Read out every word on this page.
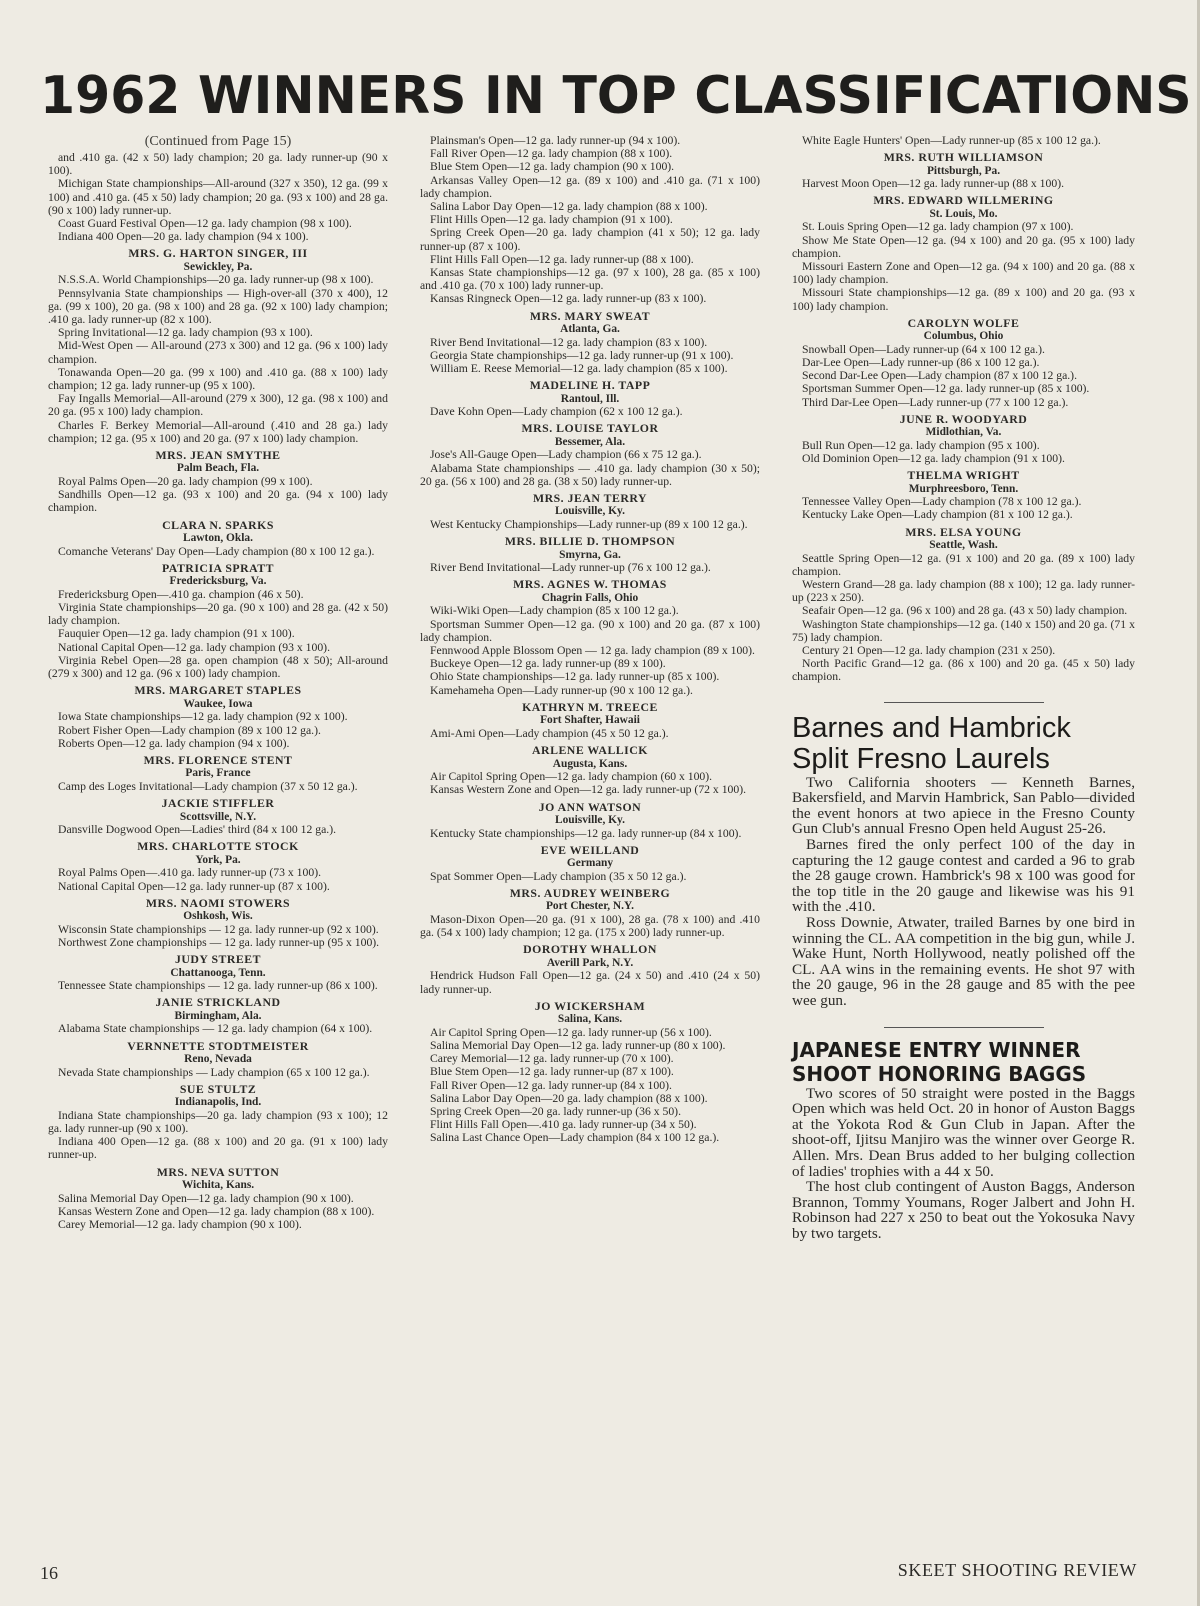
1962 WINNERS IN TOP CLASSIFICATIONS
(Continued from Page 15)
and .410 ga. (42 x 50) lady champion; 20 ga. lady runner-up (90 x 100).
Michigan State championships—All-around (327 x 350), 12 ga. (99 x 100) and .410 ga. (45 x 50) lady champion; 20 ga. (93 x 100) and 28 ga. (90 x 100) lady runner-up.
Coast Guard Festival Open—12 ga. lady champion (98 x 100).
Indiana 400 Open—20 ga. lady champion (94 x 100).
MRS. G. HARTON SINGER, III
Sewickley, Pa.
N.S.S.A. World Championships—20 ga. lady runner-up (98 x 100).
Pennsylvania State championships — High-over-all (370 x 400), 12 ga. (99 x 100), 20 ga. (98 x 100) and 28 ga. (92 x 100) lady champion; .410 ga. lady runner-up (82 x 100).
Spring Invitational—12 ga. lady champion (93 x 100).
Mid-West Open — All-around (273 x 300) and 12 ga. (96 x 100) lady champion.
Tonawanda Open—20 ga. (99 x 100) and .410 ga. (88 x 100) lady champion; 12 ga. lady runner-up (95 x 100).
Fay Ingalls Memorial—All-around (279 x 300), 12 ga. (98 x 100) and 20 ga. (95 x 100) lady champion.
Charles F. Berkey Memorial—All-around (.410 and 28 ga.) lady champion; 12 ga. (95 x 100) and 20 ga. (97 x 100) lady champion.
MRS. JEAN SMYTHE
Palm Beach, Fla.
Royal Palms Open—20 ga. lady champion (99 x 100).
Sandhills Open—12 ga. (93 x 100) and 20 ga. (94 x 100) lady champion.
CLARA N. SPARKS
Lawton, Okla.
Comanche Veterans' Day Open—Lady champion (80 x 100 12 ga.).
PATRICIA SPRATT
Fredericksburg, Va.
Fredericksburg Open—.410 ga. champion (46 x 50).
Virginia State championships—20 ga. (90 x 100) and 28 ga. (42 x 50) lady champion.
Fauquier Open—12 ga. lady champion (91 x 100).
National Capital Open—12 ga. lady champion (93 x 100).
Virginia Rebel Open—28 ga. open champion (48 x 50); All-around (279 x 300) and 12 ga. (96 x 100) lady champion.
MRS. MARGARET STAPLES
Waukee, Iowa
Iowa State championships—12 ga. lady champion (92 x 100).
Robert Fisher Open—Lady champion (89 x 100 12 ga.).
Roberts Open—12 ga. lady champion (94 x 100).
MRS. FLORENCE STENT
Paris, France
Camp des Loges Invitational—Lady champion (37 x 50 12 ga.).
JACKIE STIFFLER
Scottsville, N.Y.
Dansville Dogwood Open—Ladies' third (84 x 100 12 ga.).
MRS. CHARLOTTE STOCK
York, Pa.
Royal Palms Open—.410 ga. lady runner-up (73 x 100).
National Capital Open—12 ga. lady runner-up (87 x 100).
MRS. NAOMI STOWERS
Oshkosh, Wis.
Wisconsin State championships — 12 ga. lady runner-up (92 x 100).
Northwest Zone championships — 12 ga. lady runner-up (95 x 100).
JUDY STREET
Chattanooga, Tenn.
Tennessee State championships — 12 ga. lady runner-up (86 x 100).
JANIE STRICKLAND
Birmingham, Ala.
Alabama State championships — 12 ga. lady champion (64 x 100).
VERNNETTE STODTMEISTER
Reno, Nevada
Nevada State championships — Lady champion (65 x 100 12 ga.).
SUE STULTZ
Indianapolis, Ind.
Indiana State championships—20 ga. lady champion (93 x 100); 12 ga. lady runner-up (90 x 100).
Indiana 400 Open—12 ga. (88 x 100) and 20 ga. (91 x 100) lady runner-up.
MRS. NEVA SUTTON
Wichita, Kans.
Salina Memorial Day Open—12 ga. lady champion (90 x 100).
Kansas Western Zone and Open—12 ga. lady champion (88 x 100).
Carey Memorial—12 ga. lady champion (90 x 100).
Plainsman's Open—12 ga. lady runner-up (94 x 100).
Fall River Open—12 ga. lady champion (88 x 100).
Blue Stem Open—12 ga. lady champion (90 x 100).
Arkansas Valley Open—12 ga. (89 x 100) and .410 ga. (71 x 100) lady champion.
Salina Labor Day Open—12 ga. lady champion (88 x 100).
Flint Hills Open—12 ga. lady champion (91 x 100).
Spring Creek Open—20 ga. lady champion (41 x 50); 12 ga. lady runner-up (87 x 100).
Flint Hills Fall Open—12 ga. lady runner-up (88 x 100).
Kansas State championships—12 ga. (97 x 100), 28 ga. (85 x 100) and .410 ga. (70 x 100) lady runner-up.
Kansas Ringneck Open—12 ga. lady runner-up (83 x 100).
MRS. MARY SWEAT
Atlanta, Ga.
River Bend Invitational—12 ga. lady champion (83 x 100).
Georgia State championships—12 ga. lady runner-up (91 x 100).
William E. Reese Memorial—12 ga. lady champion (85 x 100).
MADELINE H. TAPP
Rantoul, Ill.
Dave Kohn Open—Lady champion (62 x 100 12 ga.).
MRS. LOUISE TAYLOR
Bessemer, Ala.
Jose's All-Gauge Open—Lady champion (66 x 75 12 ga.).
Alabama State championships — .410 ga. lady champion (30 x 50); 20 ga. (56 x 100) and 28 ga. (38 x 50) lady runner-up.
MRS. JEAN TERRY
Louisville, Ky.
West Kentucky Championships—Lady runner-up (89 x 100 12 ga.).
MRS. BILLIE D. THOMPSON
Smyrna, Ga.
River Bend Invitational—Lady runner-up (76 x 100 12 ga.).
MRS. AGNES W. THOMAS
Chagrin Falls, Ohio
Wiki-Wiki Open—Lady champion (85 x 100 12 ga.).
Sportsman Summer Open—12 ga. (90 x 100) and 20 ga. (87 x 100) lady champion.
Fennwood Apple Blossom Open — 12 ga. lady champion (89 x 100).
Buckeye Open—12 ga. lady runner-up (89 x 100).
Ohio State championships—12 ga. lady runner-up (85 x 100).
Kamehameha Open—Lady runner-up (90 x 100 12 ga.).
KATHRYN M. TREECE
Fort Shafter, Hawaii
Ami-Ami Open—Lady champion (45 x 50 12 ga.).
ARLENE WALLICK
Augusta, Kans.
Air Capitol Spring Open—12 ga. lady champion (60 x 100).
Kansas Western Zone and Open—12 ga. lady runner-up (72 x 100).
JO ANN WATSON
Louisville, Ky.
Kentucky State championships—12 ga. lady runner-up (84 x 100).
EVE WEILLAND
Germany
Spat Sommer Open—Lady champion (35 x 50 12 ga.).
MRS. AUDREY WEINBERG
Port Chester, N.Y.
Mason-Dixon Open—20 ga. (91 x 100), 28 ga. (78 x 100) and .410 ga. (54 x 100) lady champion; 12 ga. (175 x 200) lady runner-up.
DOROTHY WHALLON
Averill Park, N.Y.
Hendrick Hudson Fall Open—12 ga. (24 x 50) and .410 (24 x 50) lady runner-up.
JO WICKERSHAM
Salina, Kans.
Air Capitol Spring Open—12 ga. lady runner-up (56 x 100).
Salina Memorial Day Open—12 ga. lady runner-up (80 x 100).
Carey Memorial—12 ga. lady runner-up (70 x 100).
Blue Stem Open—12 ga. lady runner-up (87 x 100).
Fall River Open—12 ga. lady runner-up (84 x 100).
Salina Labor Day Open—20 ga. lady champion (88 x 100).
Spring Creek Open—20 ga. lady runner-up (36 x 50).
Flint Hills Fall Open—.410 ga. lady runner-up (34 x 50).
Salina Last Chance Open—Lady champion (84 x 100 12 ga.).
White Eagle Hunters' Open—Lady runner-up (85 x 100 12 ga.).
MRS. RUTH WILLIAMSON
Pittsburgh, Pa.
Harvest Moon Open—12 ga. lady runner-up (88 x 100).
MRS. EDWARD WILLMERING
St. Louis, Mo.
St. Louis Spring Open—12 ga. lady champion (97 x 100).
Show Me State Open—12 ga. (94 x 100) and 20 ga. (95 x 100) lady champion.
Missouri Eastern Zone and Open—12 ga. (94 x 100) and 20 ga. (88 x 100) lady champion.
Missouri State championships—12 ga. (89 x 100) and 20 ga. (93 x 100) lady champion.
CAROLYN WOLFE
Columbus, Ohio
Snowball Open—Lady runner-up (64 x 100 12 ga.).
Dar-Lee Open—Lady runner-up (86 x 100 12 ga.).
Second Dar-Lee Open—Lady champion (87 x 100 12 ga.).
Sportsman Summer Open—12 ga. lady runner-up (85 x 100).
Third Dar-Lee Open—Lady runner-up (77 x 100 12 ga.).
JUNE R. WOODYARD
Midlothian, Va.
Bull Run Open—12 ga. lady champion (95 x 100).
Old Dominion Open—12 ga. lady champion (91 x 100).
THELMA WRIGHT
Murphreesboro, Tenn.
Tennessee Valley Open—Lady champion (78 x 100 12 ga.).
Kentucky Lake Open—Lady champion (81 x 100 12 ga.).
MRS. ELSA YOUNG
Seattle, Wash.
Seattle Spring Open—12 ga. (91 x 100) and 20 ga. (89 x 100) lady champion.
Western Grand—28 ga. lady champion (88 x 100); 12 ga. lady runner-up (223 x 250).
Seafair Open—12 ga. (96 x 100) and 28 ga. (43 x 50) lady champion.
Washington State championships—12 ga. (140 x 150) and 20 ga. (71 x 75) lady champion.
Century 21 Open—12 ga. lady champion (231 x 250).
North Pacific Grand—12 ga. (86 x 100) and 20 ga. (45 x 50) lady champion.
Barnes and Hambrick Split Fresno Laurels
Two California shooters — Kenneth Barnes, Bakersfield, and Marvin Hambrick, San Pablo—divided the event honors at two apiece in the Fresno County Gun Club's annual Fresno Open held August 25-26.
Barnes fired the only perfect 100 of the day in capturing the 12 gauge contest and carded a 96 to grab the 28 gauge crown. Hambrick's 98 x 100 was good for the top title in the 20 gauge and likewise was his 91 with the .410.
Ross Downie, Atwater, trailed Barnes by one bird in winning the CL. AA competition in the big gun, while J. Wake Hunt, North Hollywood, neatly polished off the CL. AA wins in the remaining events. He shot 97 with the 20 gauge, 96 in the 28 gauge and 85 with the pee wee gun.
JAPANESE ENTRY WINNER SHOOT HONORING BAGGS
Two scores of 50 straight were posted in the Baggs Open which was held Oct. 20 in honor of Auston Baggs at the Yokota Rod & Gun Club in Japan. After the shoot-off, Ijitsu Manjiro was the winner over George R. Allen. Mrs. Dean Brus added to her bulging collection of ladies' trophies with a 44 x 50.
The host club contingent of Auston Baggs, Anderson Brannon, Tommy Youmans, Roger Jalbert and John H. Robinson had 227 x 250 to beat out the Yokosuka Navy by two targets.
16	SKEET SHOOTING REVIEW
